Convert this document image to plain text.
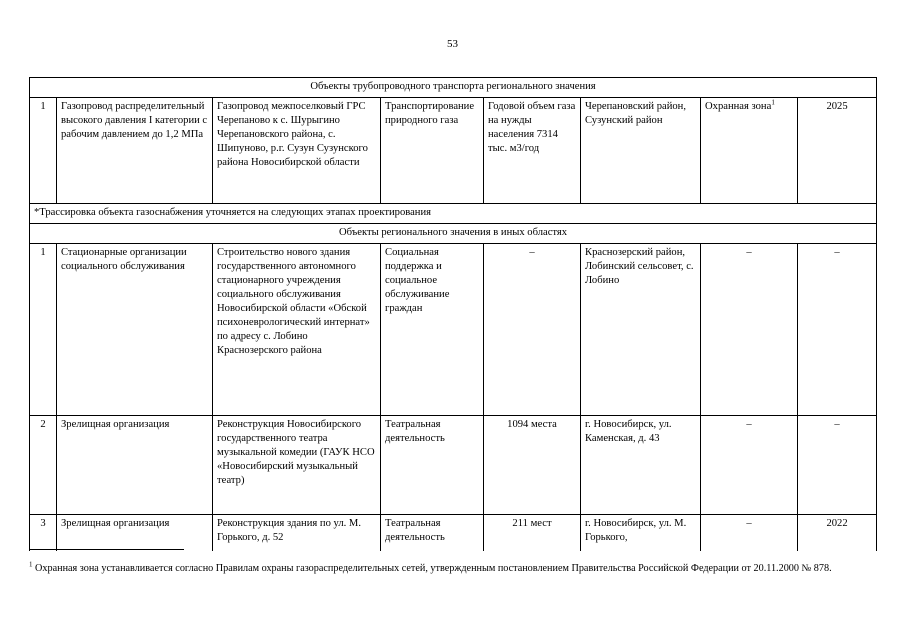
53
Объекты трубопроводного транспорта регионального значения							
1	Газопровод распределительный высокого давления I категории с рабочим давлением до 1,2 МПа	Газопровод межпоселковый ГРС Черепаново к с. Шурыгино Черепановского района, с. Шипуново, р.г. Сузун Сузунского района Новосибирской области	Транспортирование природного газа	Годовой объем газа на нужды населения 7314 тыс. м3/год	Черепановский район, Сузунский район	Охранная зона$^1$	2025
*Трассировка объекта газоснабжения уточняется на следующих этапах проектирования							
Объекты регионального значения в иных областях							
1	Стационарные организации социального обслуживания	Строительство нового здания государственного автономного стационарного учреждения социального обслуживания Новосибирской области «Обской психоневрологический интернат» по адресу с. Лобино Краснозерского района	Социальная поддержка и социальное обслуживание граждан	–	Краснозерский район, Лобинский сельсовет, с. Лобино	–	–
2	Зрелищная организация	Реконструкция Новосибирского государственного театра музыкальной комедии (ГАУК НСО «Новосибирский музыкальный театр)	Театральная деятельность	1094 места	г. Новосибирск, ул. Каменская, д. 43	–	–
3	Зрелищная организация	Реконструкция здания по ул. М. Горького, д. 52	Театральная деятельность	211 мест	г. Новосибирск, ул. М. Горького,	–	2022
$^1$ Охранная зона устанавливается согласно Правилам охраны газораспределительных сетей, утвержденным постановлением Правительства Российской Федерации от 20.11.2000 № 878.
